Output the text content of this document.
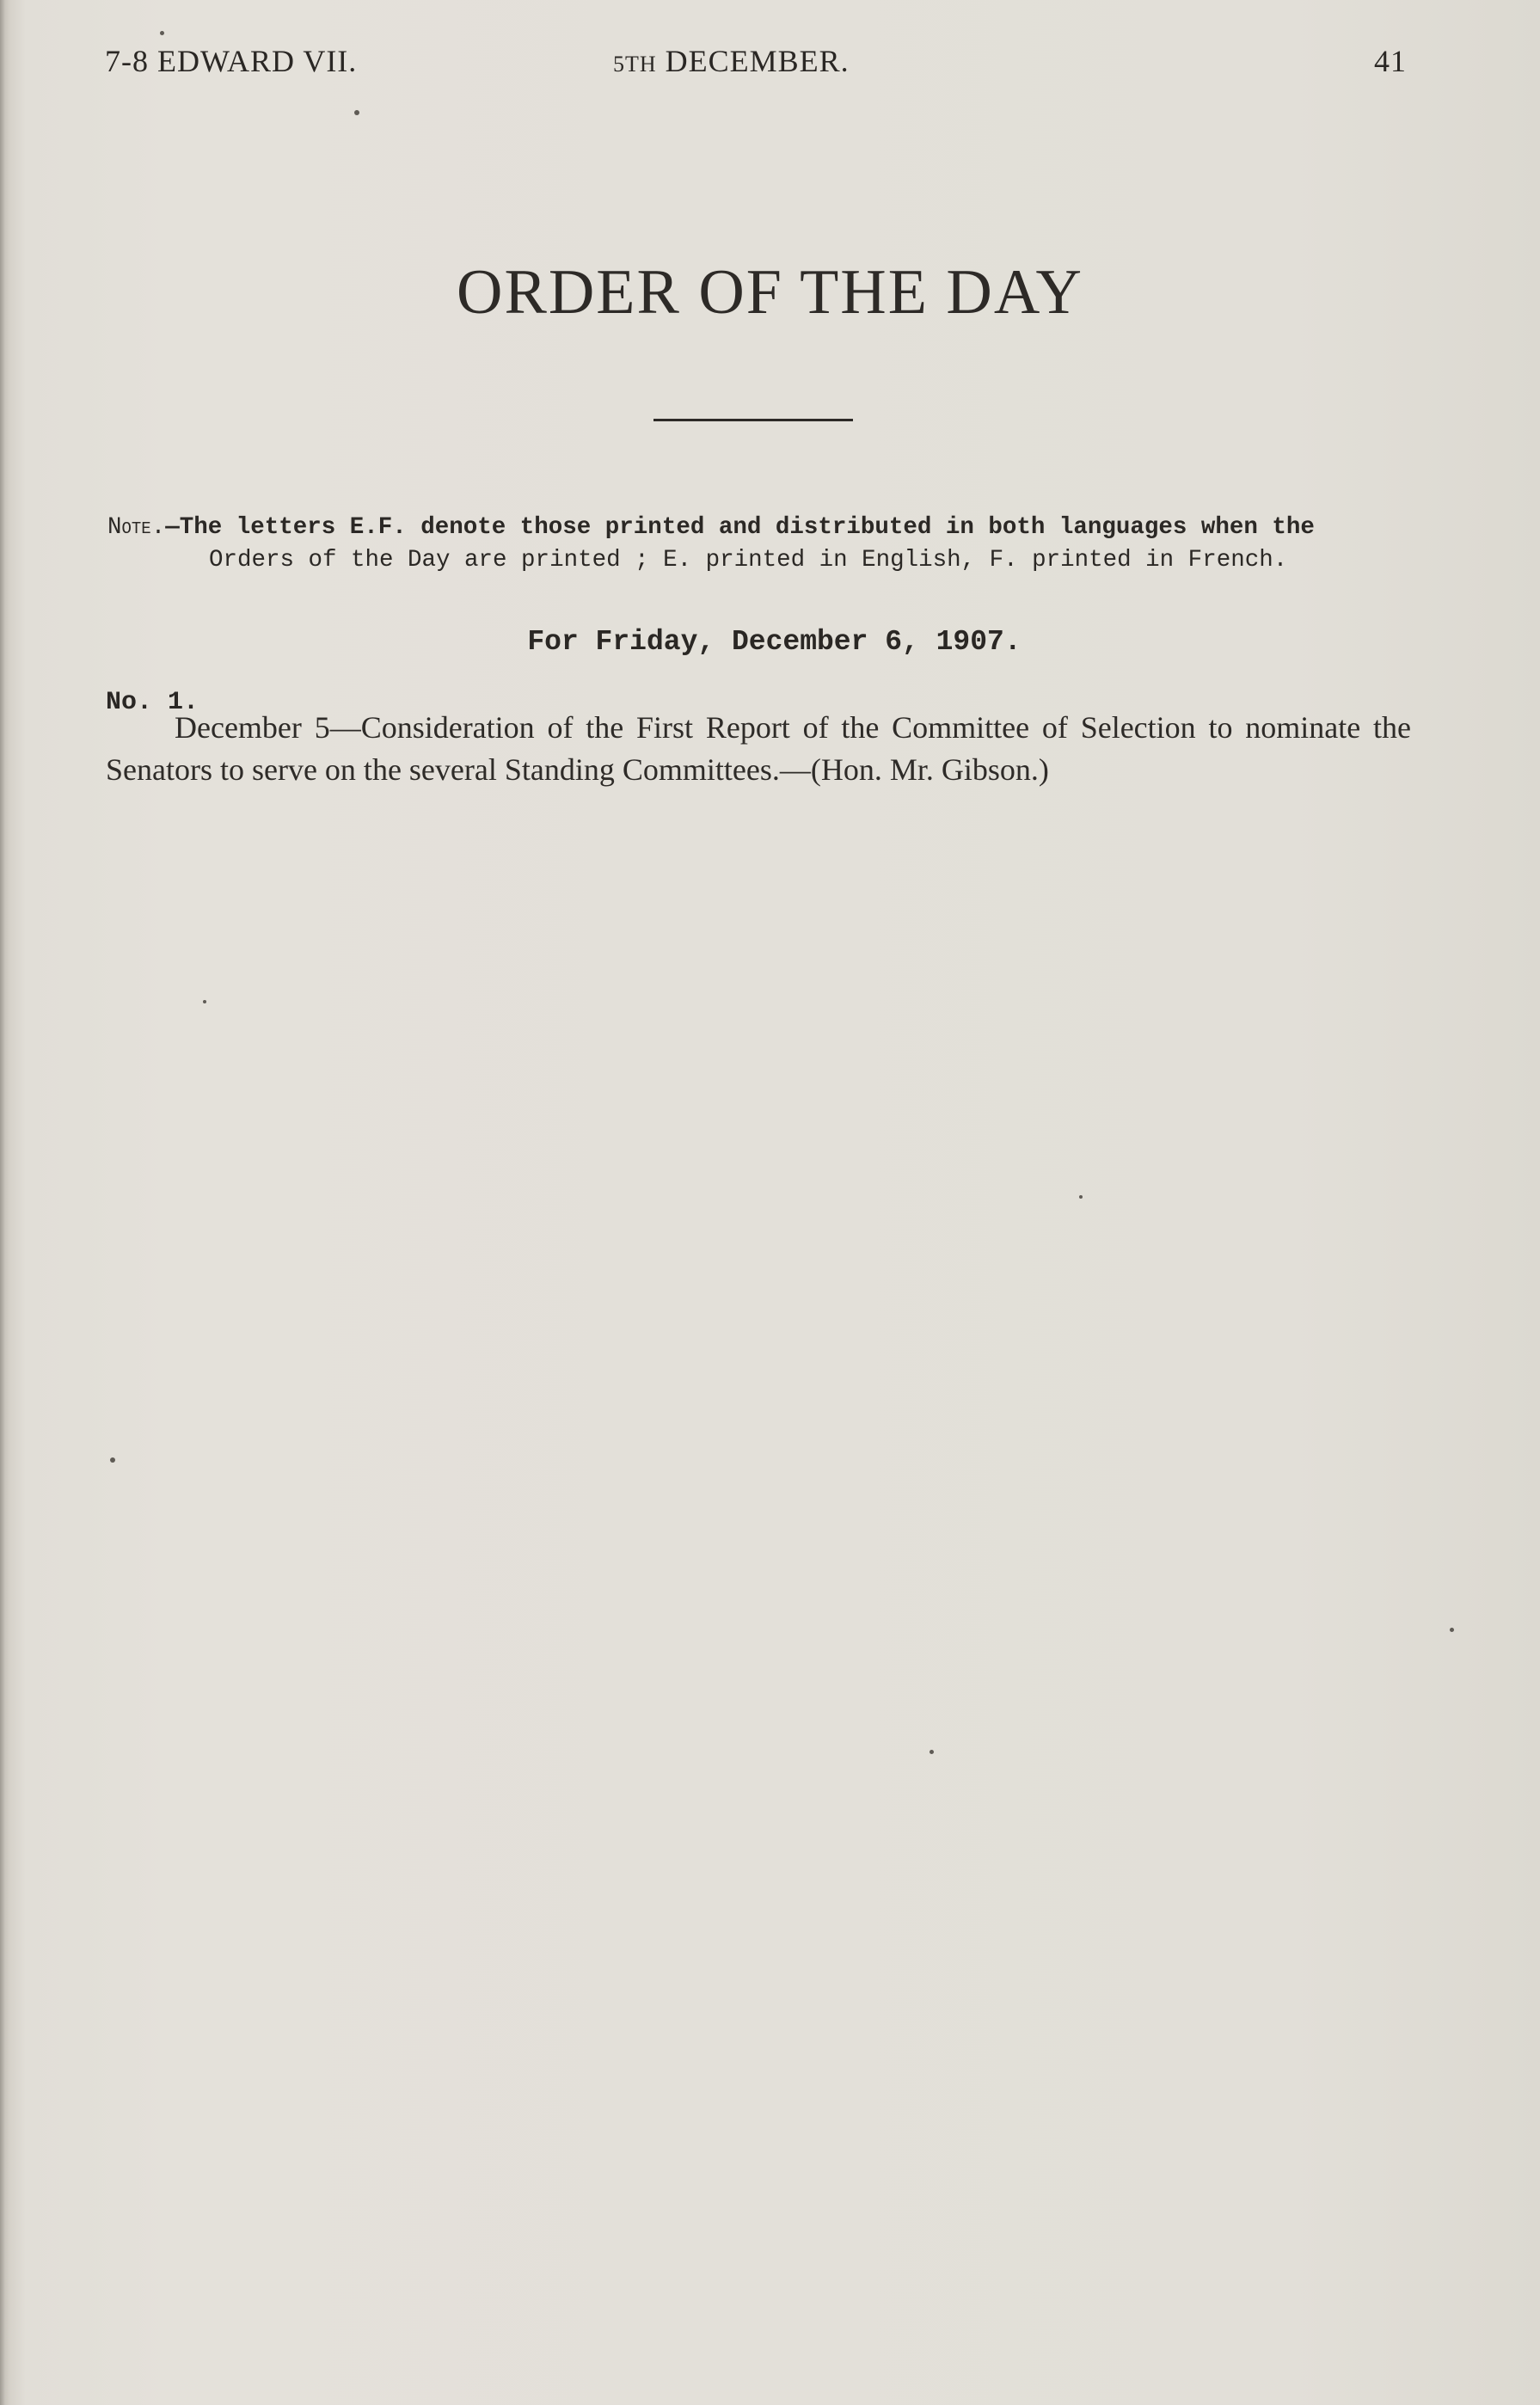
7-8 EDWARD VII.	5TH DECEMBER.	41
ORDER OF THE DAY
Note.—The letters E.F. denote those printed and distributed in both languages when the
Orders of the Day are printed ; E. printed in English, F. printed in French.
For Friday, December 6, 1907.
No. 1.
December 5—Consideration of the First Report of the Committee of Selection to nominate the Senators to serve on the several Standing Committees.—(Hon. Mr. Gibson.)
